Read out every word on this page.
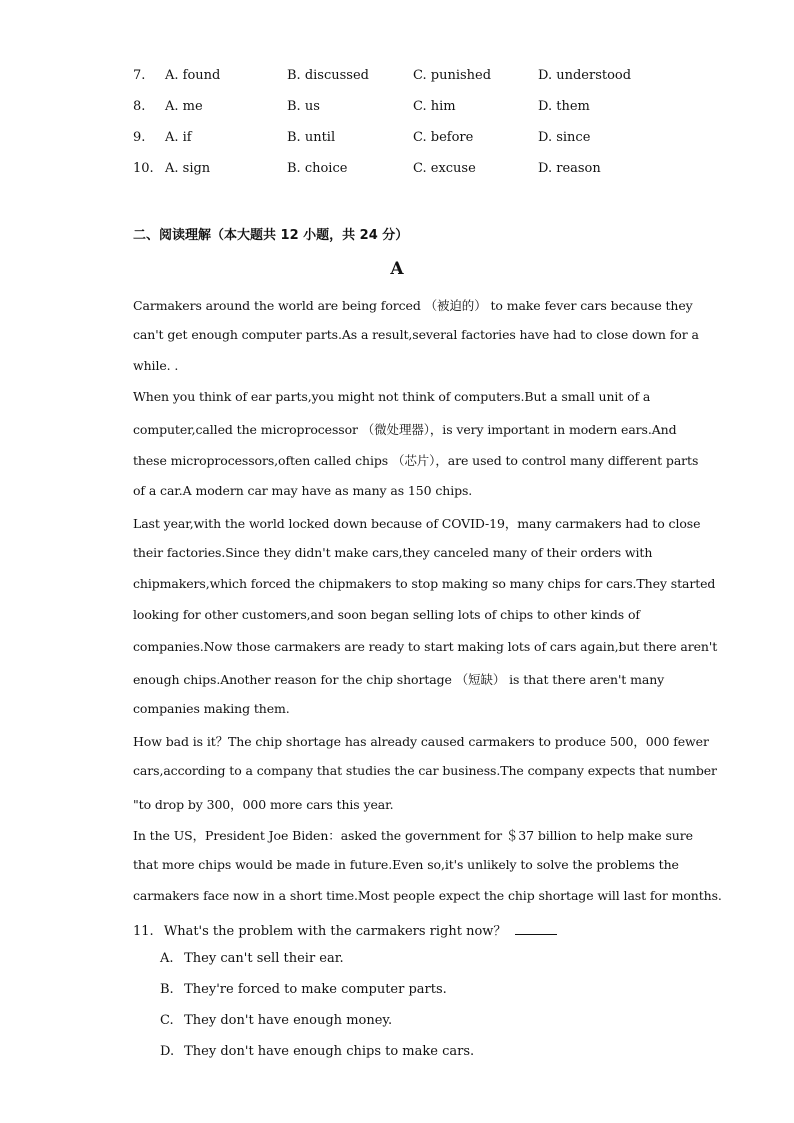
7. A. found	B. discussed	C. punished	D. understood
8. A. me	B. us	C. him	D. them
9. A. if	B. until	C. before	D. since
10. A. sign	B. choice	C. excuse	D. reason
二、阅读理解（本大题共 12 小题，共 24 分）
A
Carmakers around the world are being forced （被迫的） to make fever cars because they
can't get enough computer parts.As a result,several factories have had to close down for a
while. .
When you think of ear parts,you might not think of computers.But a small unit of a
computer,called the microprocessor （微处理器），is very important in modern ears.And
these microprocessors,often called chips （芯片），are used to control many different parts
of a car.A modern car may have as many as 150 chips.
Last year,with the world locked down because of COVID-19，many carmakers had to close
their factories.Since they didn't make cars,they canceled many of their orders with
chipmakers,which forced the chipmakers to stop making so many chips for cars.They started
looking for other customers,and soon began selling lots of chips to other kinds of
companies.Now those carmakers are ready to start making lots of cars again,but there aren't
enough chips.Another reason for the chip shortage （短缺） is that there aren't many
companies making them.
How bad is it？The chip shortage has already caused carmakers to produce 500，000 fewer
cars,according to a company that studies the car business.The company expects that number
"to drop by 300，000 more cars this year.
In the US，President Joe Biden：asked the government for ＄37 billion to help make sure
that more chips would be made in future.Even so,it's unlikely to solve the problems the
carmakers face now in a short time.Most people expect the chip shortage will last for months.
11. What's the problem with the carmakers right now？
A. They can't sell their ear.
B. They're forced to make computer parts.
C. They don't have enough money.
D. They don't have enough chips to make cars.
